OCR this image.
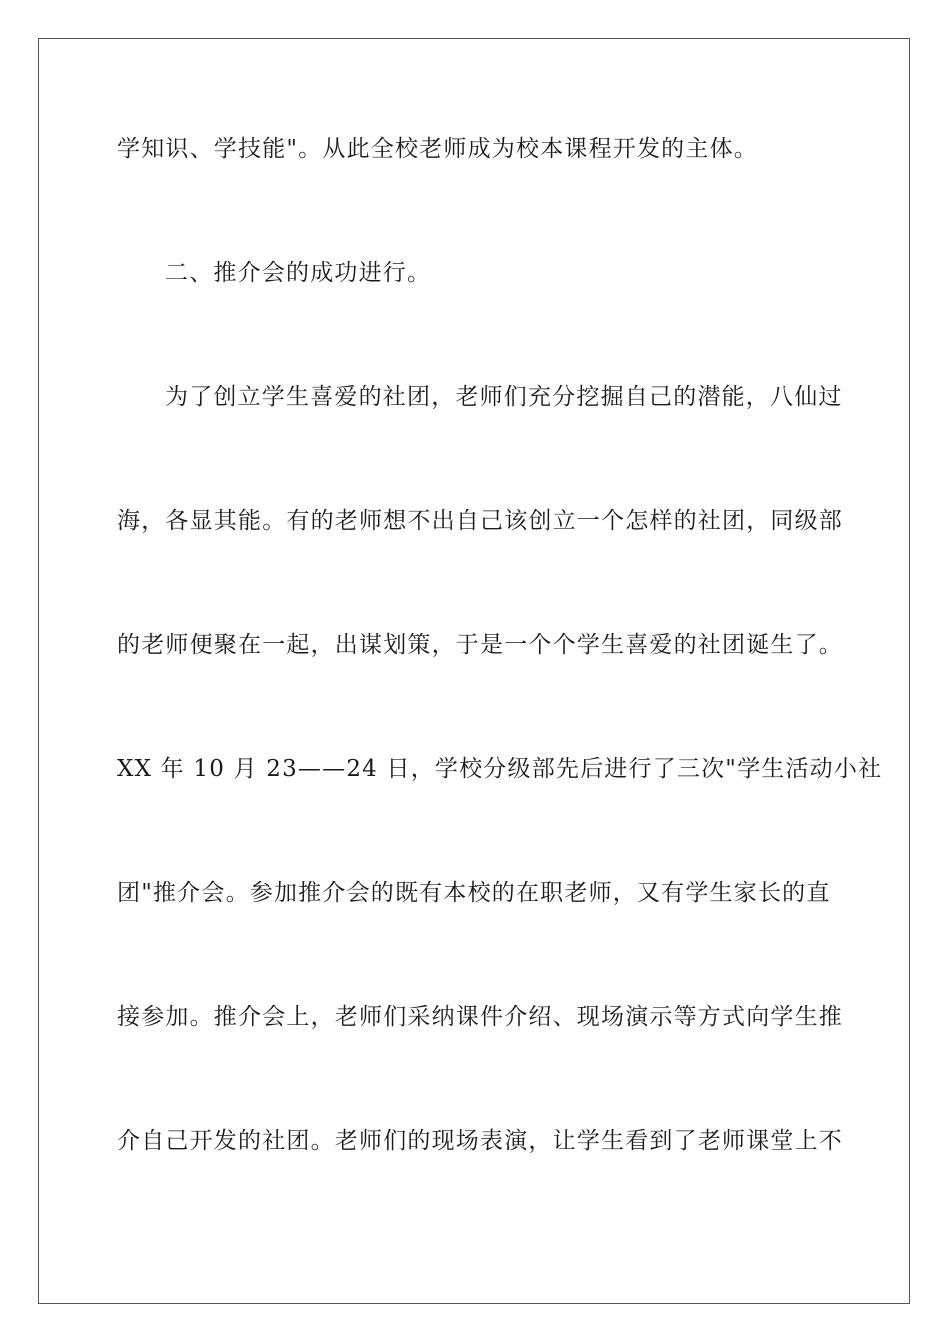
学知识、学技能"。从此全校老师成为校本课程开发的主体。
二、推介会的成功进行。
为了创立学生喜爱的社团，老师们充分挖掘自己的潜能，八仙过
海，各显其能。有的老师想不出自己该创立一个怎样的社团，同级部
的老师便聚在一起，出谋划策，于是一个个学生喜爱的社团诞生了。
XX 年 10 月 23——24 日，学校分级部先后进行了三次"学生活动小社
团"推介会。参加推介会的既有本校的在职老师，又有学生家长的直
接参加。推介会上，老师们采纳课件介绍、现场演示等方式向学生推
介自己开发的社团。老师们的现场表演，让学生看到了老师课堂上不
